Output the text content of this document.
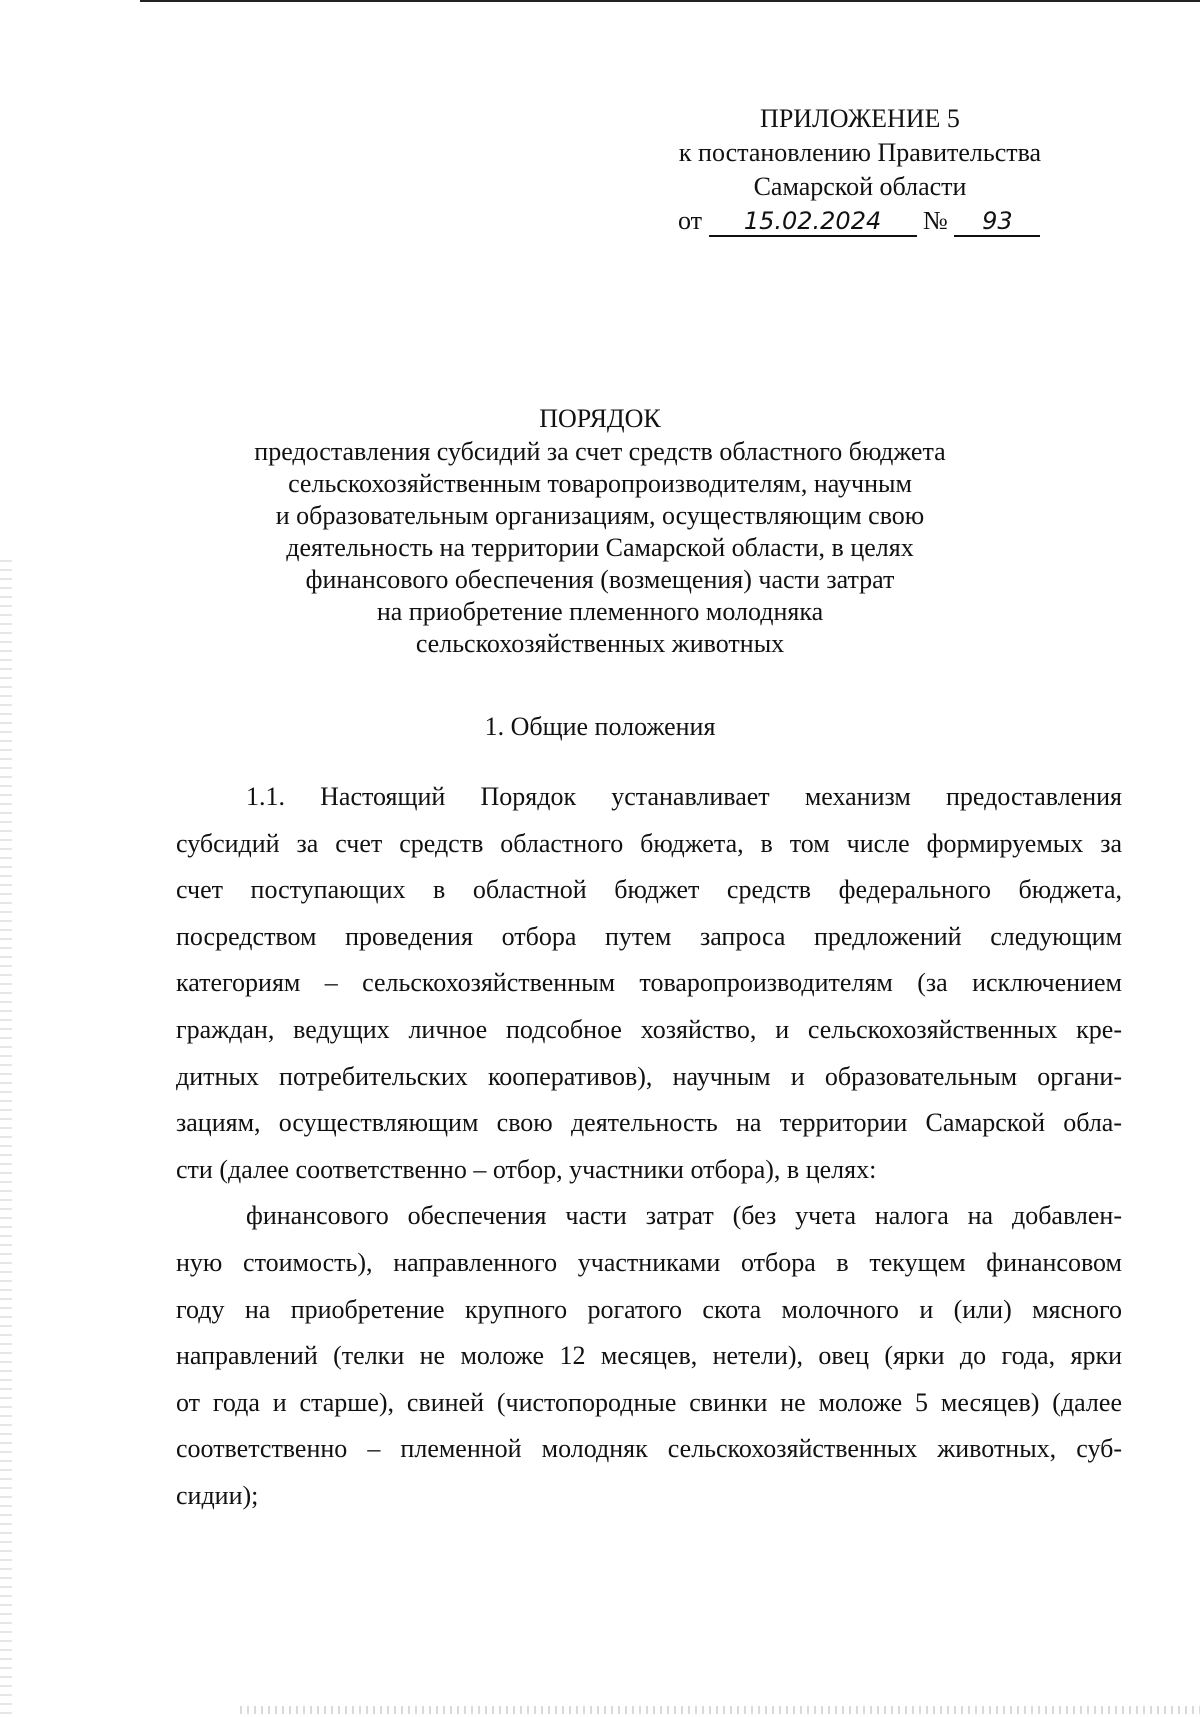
ПРИЛОЖЕНИЕ 5
к постановлению Правительства
Самарской области
от 15.02.2024 № 93
ПОРЯДОК
предоставления субсидий за счет средств областного бюджета
сельскохозяйственным товаропроизводителям, научным
и образовательным организациям, осуществляющим свою
деятельность на территории Самарской области, в целях
финансового обеспечения (возмещения) части затрат
на приобретение племенного молодняка
сельскохозяйственных животных
1. Общие положения
1.1. Настоящий Порядок устанавливает механизм предоставления
субсидий за счет средств областного бюджета, в том числе формируемых за
счет поступающих в областной бюджет средств федерального бюджета,
посредством проведения отбора путем запроса предложений следующим
категориям – сельскохозяйственным товаропроизводителям (за исключением
граждан, ведущих личное подсобное хозяйство, и сельскохозяйственных кре-
дитных потребительских кооперативов), научным и образовательным органи-
зациям, осуществляющим свою деятельность на территории Самарской обла-
сти (далее соответственно – отбор, участники отбора), в целях:
финансового обеспечения части затрат (без учета налога на добавлен-
ную стоимость), направленного участниками отбора в текущем финансовом
году на приобретение крупного рогатого скота молочного и (или) мясного
направлений (телки не моложе 12 месяцев, нетели), овец (ярки до года, ярки
от года и старше), свиней (чистопородные свинки не моложе 5 месяцев) (далее
соответственно – племенной молодняк сельскохозяйственных животных, суб-
сидии);
